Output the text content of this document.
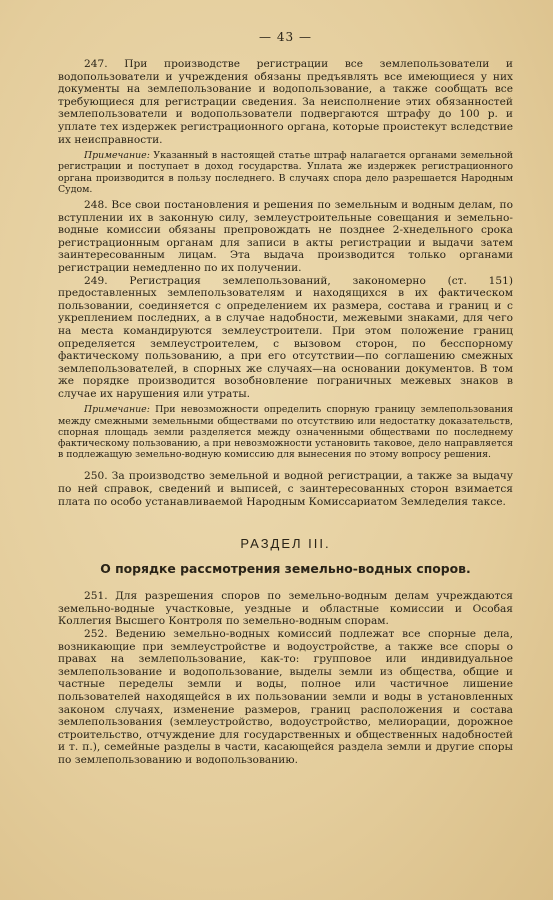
— 43 —

247. При производстве регистрации все землепользователи и водопользователи и учреждения обязаны предъявлять все имеющиеся у них документы на землепользование и водопользование, а также сообщать все требующиеся для регистрации сведения. За неисполнение этих обязанностей землепользователи и водопользователи подвергаются штрафу до 100 р. и уплате тех издержек регистрационного органа, которые проистекут вследствие их неисправности.

Примечание: Указанный в настоящей статье штраф налагается органами земельной регистрации и поступает в доход государства. Уплата же издержек регистрационного органа производится в пользу последнего. В случаях спора дело разрешается Народным Судом.

248. Все свои постановления и решения по земельным и водным делам, по вступлении их в законную силу, землеустроительные совещания и земельно-водные комиссии обязаны препровождать не позднее 2-хнедельного срока регистрационным органам для записи в акты регистрации и выдачи затем заинтересованным лицам. Эта выдача производится только органами регистрации немедленно по их получении.

249. Регистрация землепользований, закономерно (ст. 151) предоставленных землепользователям и находящихся в их фактическом пользовании, соединяется с определением их размера, состава и границ и с укреплением последних, а в случае надобности, межевыми знаками, для чего на места командируются землеустроители. При этом положение границ определяется землеустроителем, с вызовом сторон, по бесспорному фактическому пользованию, а при его отсутствии—по соглашению смежных землепользователей, в спорных же случаях—на основании документов. В том же порядке производится возобновление пограничных межевых знаков в случае их нарушения или утраты.

Примечание: При невозможности определить спорную границу землепользования между смежными земельными обществами по отсутствию или недостатку доказательств, спорная площадь земли разделяется между означенными обществами по последнему фактическому пользованию, а при невозможности установить таковое, дело направляется в подлежащую земельно-водную комиссию для вынесения по этому вопросу решения.

250. За производство земельной и водной регистрации, а также за выдачу по ней справок, сведений и выписей, с заинтересованных сторон взимается плата по особо устанавливаемой Народным Комиссариатом Земледелия таксе.

РАЗДЕЛ III.
О порядке рассмотрения земельно-водных споров.

251. Для разрешения споров по земельно-водным делам учреждаются земельно-водные участковые, уездные и областные комиссии и Особая Коллегия Высшего Контроля по земельно-водным спорам.

252. Ведению земельно-водных комиссий подлежат все спорные дела, возникающие при землеустройстве и водоустройстве, а также все споры о правах на землепользование, как-то: групповое или индивидуальное землепользование и водопользование, выделы земли из общества, общие и частные переделы земли и воды, полное или частичное лишение пользователей находящейся в их пользовании земли и воды в установленных законом случаях, изменение размеров, границ расположения и состава землепользования (землеустройство, водоустройство, мелиорации, дорожное строительство, отчуждение для государственных и общественных надобностей и т. п.), семейные разделы в части, касающейся раздела земли и другие споры по землепользованию и водопользованию.
